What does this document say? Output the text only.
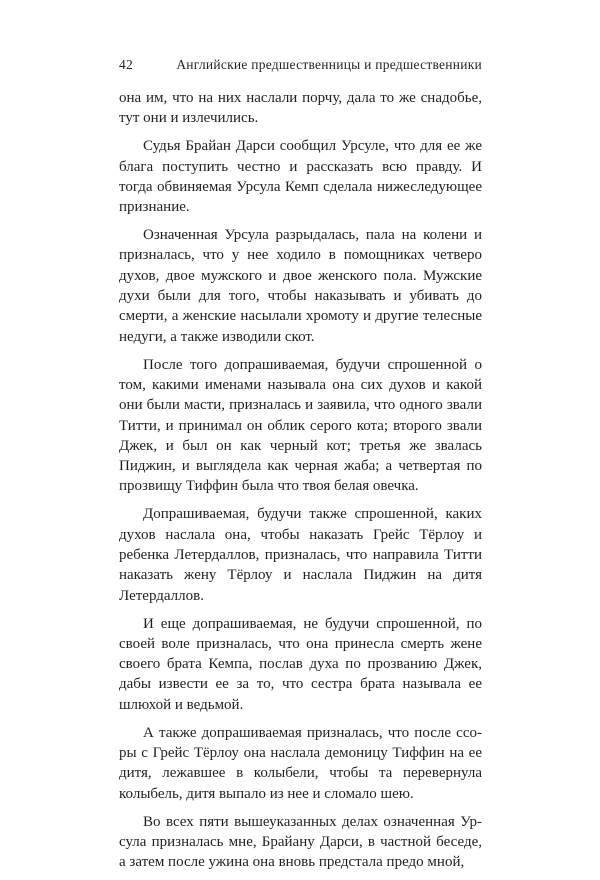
42	Английские предшественницы и предшественники

она им, что на них наслали порчу, дала то же снадобье, тут они и излечились.

Судья Брайан Дарси сообщил Урсуле, что для ее же блага поступить честно и рассказать всю правду. И тогда обвиняемая Урсула Кемп сделала нижеследующее признание.

Означенная Урсула разрыдалась, пала на колени и призналась, что у нее ходило в помощниках четверо духов, двое мужского и двое женского пола. Мужские духи были для того, чтобы наказывать и убивать до смерти, а женские насылали хромоту и другие телесные недуги, а также изводили скот.

После того допрашиваемая, будучи спрошенной о том, какими именами называла она сих духов и какой они были масти, призналась и заявила, что одного звали Титти, и принимал он облик серого кота; второго звали Джек, и был он как черный кот; третья же звалась Пиджин, и выглядела как черная жаба; а четвертая по прозвищу Тиффин была что твоя белая овечка.

Допрашиваемая, будучи также спрошенной, каких духов наслала она, чтобы наказать Грейс Тёрлоу и ребенка Летердаллов, призналась, что направила Титти наказать жену Тёрлоу и наслала Пиджин на дитя Летердаллов.

И еще допрашиваемая, не будучи спрошенной, по своей воле призналась, что она принесла смерть жене своего брата Кемпа, послав духа по прозванию Джек, дабы извести ее за то, что сестра брата называла ее шлюхой и ведьмой.

А также допрашиваемая призналась, что после ссоры с Грейс Тёрлоу она наслала демоницу Тиффин на ее дитя, лежавшее в колыбели, чтобы та перевернула колыбель, дитя выпало из нее и сломало шею.

Во всех пяти вышеуказанных делах означенная Урсула призналась мне, Брайану Дарси, в частной беседе, а затем после ужина она вновь предстала предо мной,
